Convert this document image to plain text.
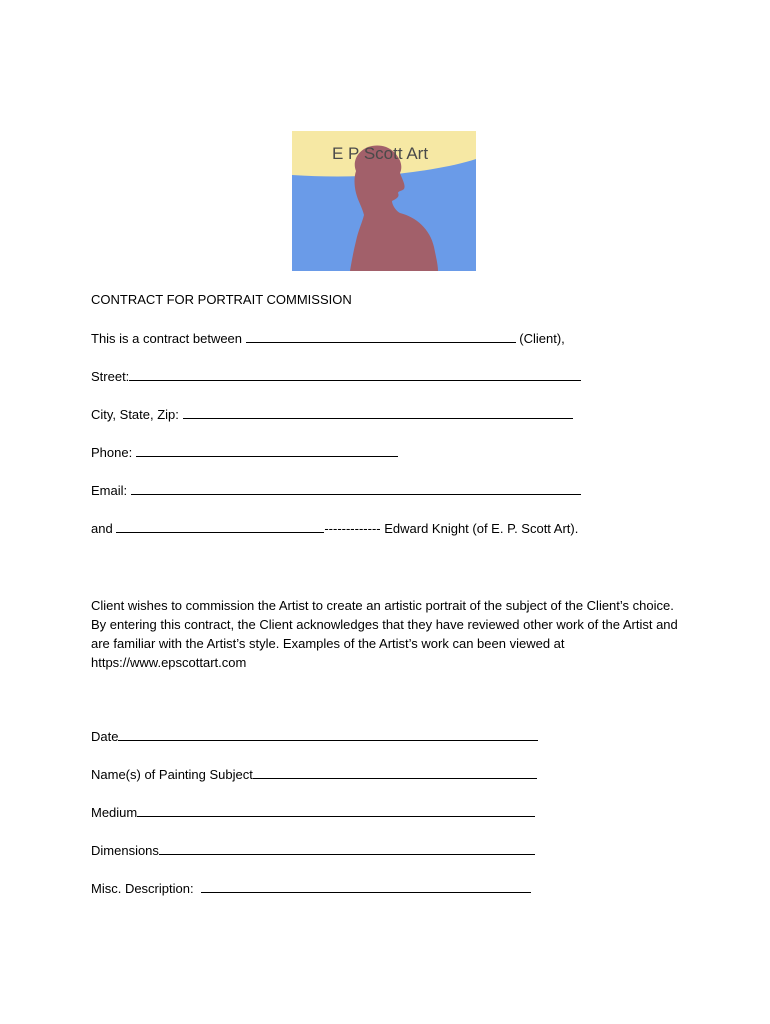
E P Scott Art
CONTRACT FOR PORTRAIT COMMISSION
This is a contract between	(Client),
Street:
City, State, Zip:
Phone:
Email:
and	------------- Edward Knight (of E. P. Scott Art).
Client wishes to commission the Artist to create an artistic portrait of the subject of the Client’s choice. By entering this contract, the Client acknowledges that they have reviewed other work of the Artist and are familiar with the Artist’s style. Examples of the Artist’s work can been viewed at https://www.epscottart.com
Date
Name(s) of Painting Subject
Medium
Dimensions
Misc. Description:
